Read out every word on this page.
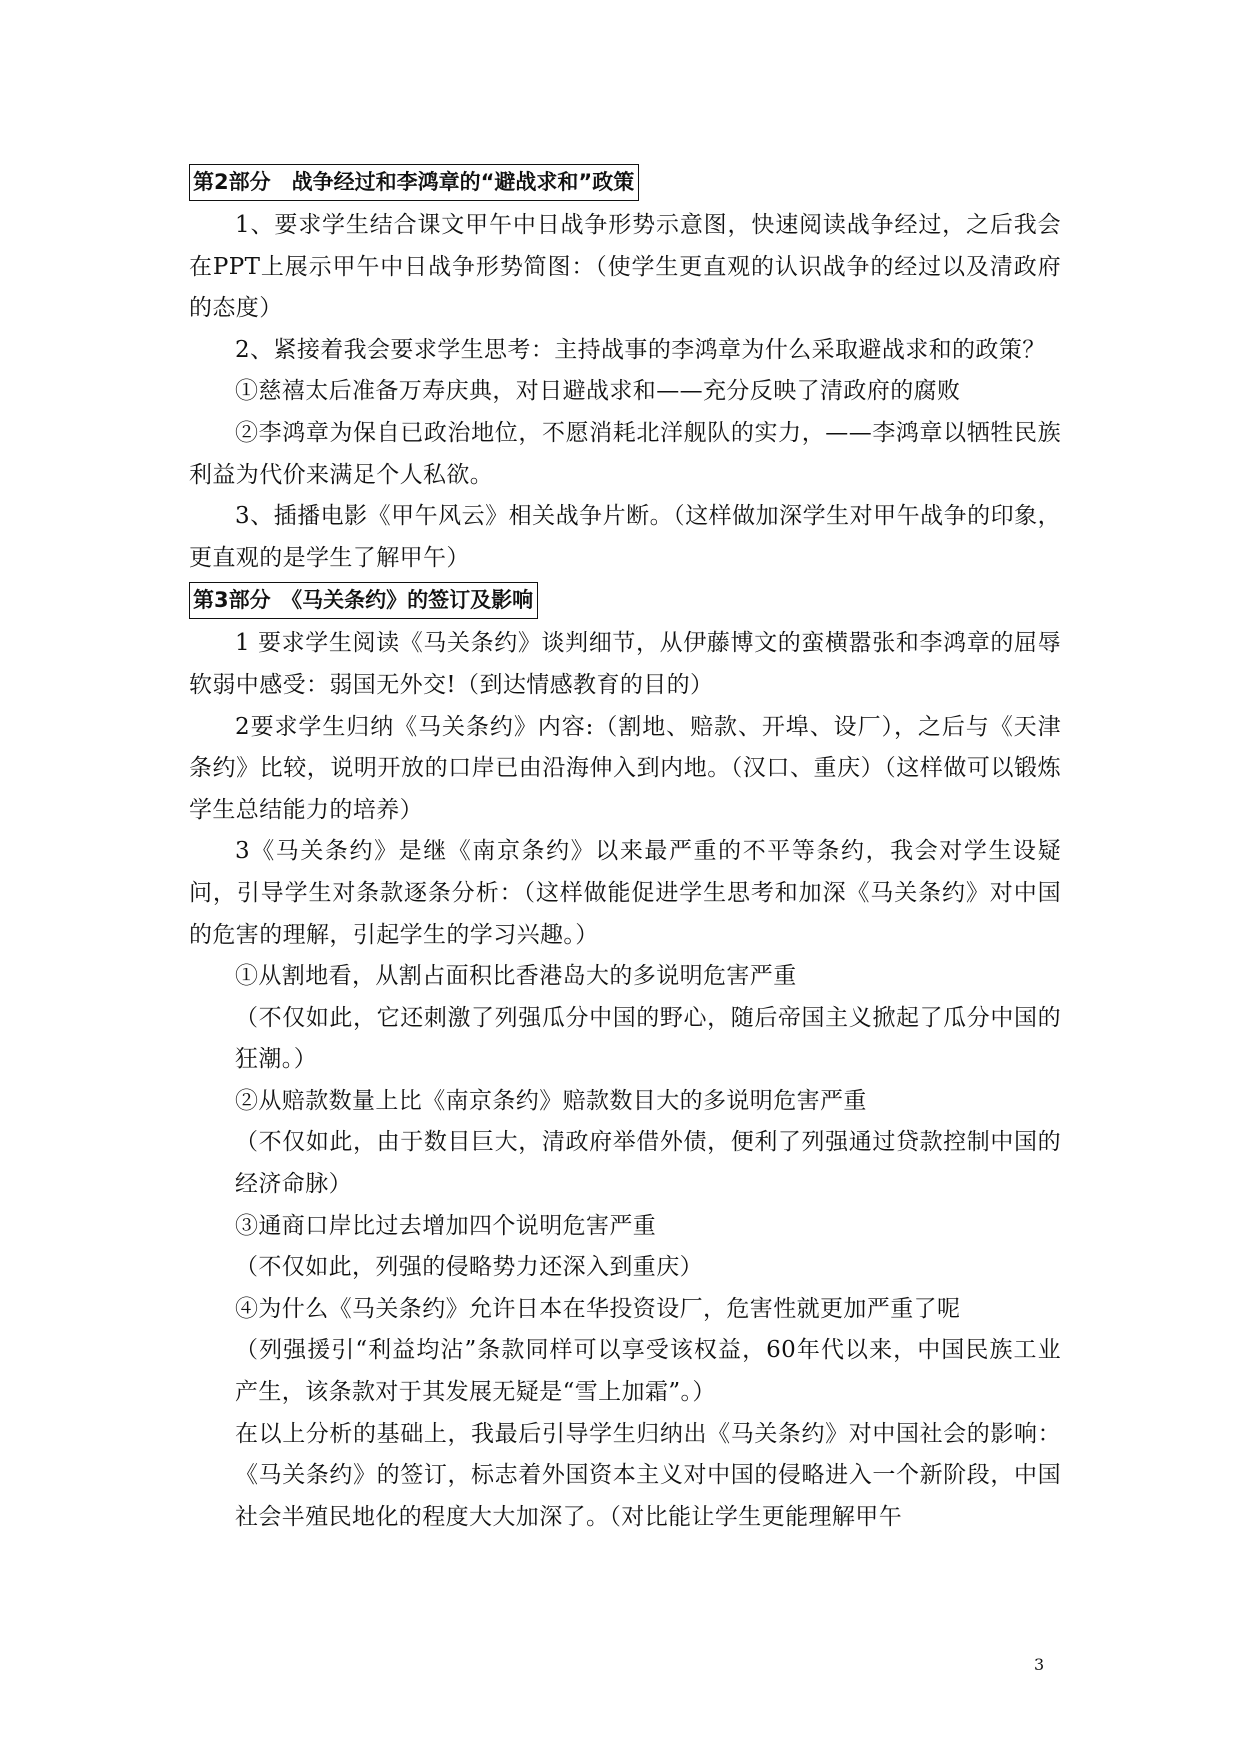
第2部分　战争经过和李鸿章的“避战求和”政策

1、要求学生结合课文甲午中日战争形势示意图，快速阅读战争经过，之后我会在PPT上展示甲午中日战争形势简图：（使学生更直观的认识战争的经过以及清政府的态度）

2、紧接着我会要求学生思考：主持战事的李鸿章为什么采取避战求和的政策？

①慈禧太后准备万寿庆典，对日避战求和——充分反映了清政府的腐败

②李鸿章为保自已政治地位，不愿消耗北洋舰队的实力，——李鸿章以牺牲民族利益为代价来满足个人私欲。

3、插播电影《甲午风云》相关战争片断。（这样做加深学生对甲午战争的印象，更直观的是学生了解甲午）

第3部分　《马关条约》的签订及影响

1 要求学生阅读《马关条约》谈判细节，从伊藤博文的蛮横嚣张和李鸿章的屈辱软弱中感受：弱国无外交!（到达情感教育的目的）

2要求学生归纳《马关条约》内容:（割地、赔款、开埠、设厂），之后与《天津条约》比较，说明开放的口岸已由沿海伸入到内地。（汉口、重庆）（这样做可以锻炼学生总结能力的培养）

3《马关条约》是继《南京条约》以来最严重的不平等条约，我会对学生设疑问，引导学生对条款逐条分析：（这样做能促进学生思考和加深《马关条约》对中国的危害的理解，引起学生的学习兴趣。）

①从割地看，从割占面积比香港岛大的多说明危害严重

（不仅如此，它还刺激了列强瓜分中国的野心，随后帝国主义掀起了瓜分中国的狂潮。）

②从赔款数量上比《南京条约》赔款数目大的多说明危害严重

（不仅如此，由于数目巨大，清政府举借外债，便利了列强通过贷款控制中国的经济命脉）

③通商口岸比过去增加四个说明危害严重

（不仅如此，列强的侵略势力还深入到重庆）

④为什么《马关条约》允许日本在华投资设厂，危害性就更加严重了呢

（列强援引“利益均沾”条款同样可以享受该权益，60年代以来，中国民族工业产生，该条款对于其发展无疑是“雪上加霜”。）

在以上分析的基础上，我最后引导学生归纳出《马关条约》对中国社会的影响：《马关条约》的签订，标志着外国资本主义对中国的侵略进入一个新阶段，中国社会半殖民地化的程度大大加深了。（对比能让学生更能理解甲午

3
